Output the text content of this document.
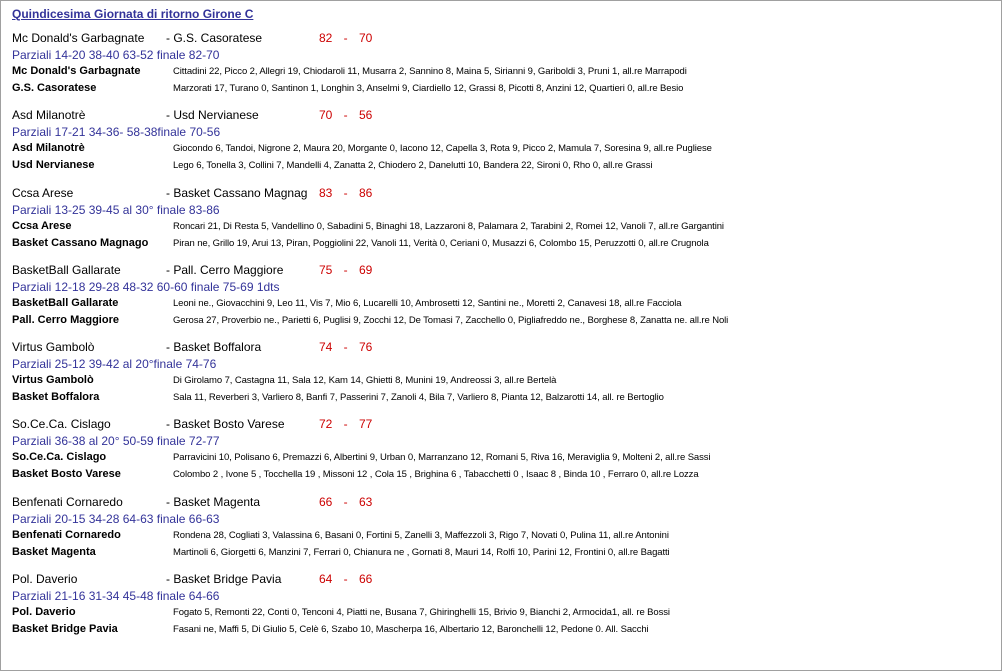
Quindicesima Giornata di ritorno Girone C
Mc Donald's Garbagnate - G.S. Casoratese	82 - 70
Parziali 14-20 38-40 63-52 finale 82-70
Mc Donald's Garbagnate	Cittadini 22, Picco 2, Allegri 19, Chiodaroli 11, Musarra 2, Sannino 8, Maina 5, Sirianni 9, Gariboldi 3, Pruni 1, all.re Marrapodi
G.S. Casoratese	Marzorati 17, Turano 0, Santinon 1, Longhin 3, Anselmi 9, Ciardiello 12, Grassi 8, Picotti 8, Anzini 12, Quartieri 0, all.re Besio
Asd Milanotrè	- Usd Nervianese	70 - 56
Parziali 17-21 34-36- 58-38finale 70-56
Asd Milanotrè	Giocondo 6, Tandoi, Nigrone 2, Maura 20, Morgante 0, Iacono 12, Capella 3, Rota 9, Picco 2, Mamula 7, Soresina 9, all.re Pugliese
Usd Nervianese	Lego 6, Tonella 3, Collini 7, Mandelli 4, Zanatta 2, Chiodero 2, Danelutti 10, Bandera 22, Sironi 0, Rho 0, all.re Grassi
Ccsa Arese	- Basket Cassano Magnag 83 - 86
Parziali 13-25 39-45 al 30° finale 83-86
Ccsa Arese	Roncari 21, Di Resta 5, Vandellino 0, Sabadini 5, Binaghi 18, Lazzaroni 8, Palamara 2, Tarabini 2, Romei 12, Vanoli 7, all.re Gargantini
Basket Cassano Magnago	Piran ne, Grillo 19, Arui 13, Piran, Poggiolini 22, Vanoli 11, Verità 0, Ceriani 0, Musazzi 6, Colombo 15, Peruzzotti 0, all.re Crugnola
BasketBall Gallarate	- Pall. Cerro Maggiore	75 - 69
Parziali 12-18 29-28 48-32 60-60 finale 75-69 1dts
BasketBall Gallarate	Leoni ne., Giovacchini 9, Leo 11, Vis 7, Mio 6, Lucarelli 10, Ambrosetti 12, Santini ne., Moretti 2, Canavesi 18, all.re Facciola
Pall. Cerro Maggiore	Gerosa 27, Proverbio ne., Parietti 6, Puglisi 9, Zocchi 12, De Tomasi 7, Zacchello 0, Pigliafreddo ne., Borghese 8, Zanatta ne. all.re Noli
Virtus Gambolò	- Basket Boffalora	74 - 76
Parziali 25-12 39-42 al 20°finale 74-76
Virtus Gambolò	Di Girolamo 7, Castagna 11, Sala 12, Kam 14, Ghietti 8, Munini 19, Andreossi 3, all.re Bertelà
Basket Boffalora	Sala 11, Reverberi 3, Varliero 8, Banfi 7, Passerini 7, Zanoli 4, Bila 7, Varliero 8, Pianta 12, Balzarotti 14, all. re Bertoglio
So.Ce.Ca. Cislago	- Basket Bosto Varese	72 - 77
Parziali 36-38 al 20° 50-59 finale 72-77
So.Ce.Ca. Cislago	Parravicini 10, Polisano 6, Premazzi 6, Albertini 9, Urban 0, Marranzano 12, Romani 5, Riva 16, Meraviglia 9, Molteni 2, all.re Sassi
Basket Bosto Varese	Colombo 2 , Ivone 5 , Tocchella 19 , Missoni 12 , Cola 15 , Brighina 6 , Tabacchetti 0 , Isaac 8 , Binda 10 , Ferraro 0, all.re Lozza
Benfenati Cornaredo	- Basket Magenta	66 - 63
Parziali 20-15 34-28 64-63 finale 66-63
Benfenati Cornaredo	Rondena 28, Cogliati 3, Valassina 6, Basani 0, Fortini 5, Zanelli 3, Maffezzoli 3, Rigo 7, Novati 0, Pulina 11, all.re Antonini
Basket Magenta	Martinoli 6, Giorgetti 6, Manzini 7, Ferrari 0, Chianura ne , Gornati 8, Mauri 14, Rolfi 10, Parini 12, Frontini 0, all.re Bagatti
Pol. Daverio	- Basket Bridge Pavia	64 - 66
Parziali 21-16 31-34 45-48 finale 64-66
Pol. Daverio	Fogato 5, Remonti 22, Conti 0, Tenconi 4, Piatti ne, Busana 7, Ghiringhelli 15, Brivio 9, Bianchi 2, Armocida1, all. re Bossi
Basket Bridge Pavia	Fasani ne, Maffi 5, Di Giulio 5, Celè 6, Szabo 10, Mascherpa 16, Albertario 12, Baronchelli 12, Pedone 0. All. Sacchi
